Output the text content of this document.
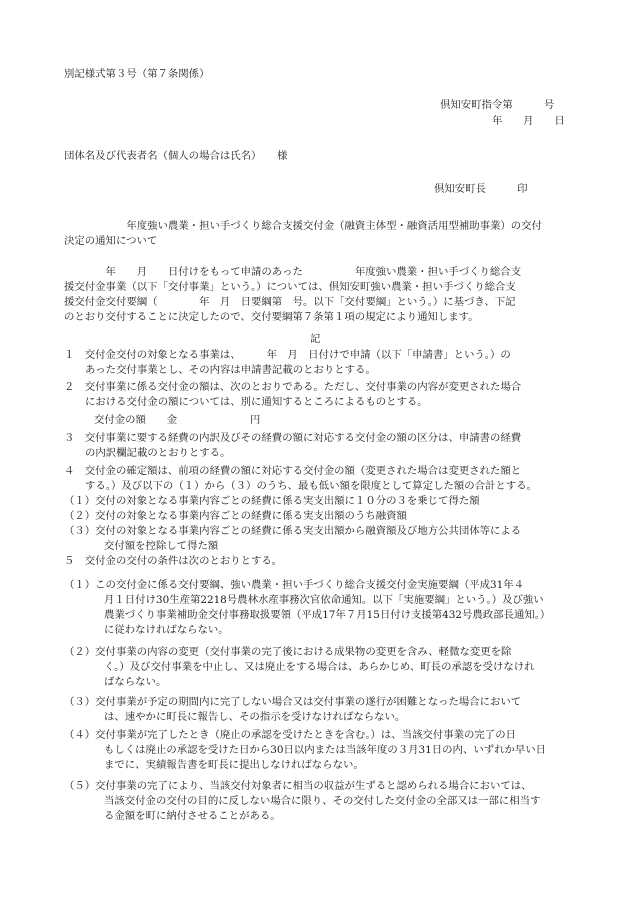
別記様式第３号（第７条関係）
倶知安町指令第　　　号
年　　月　　日
団体名及び代表者名（個人の場合は氏名）　　様
倶知安町長　　　印
　　　　　　年度強い農業・担い手づくり総合支援交付金（融資主体型・融資活用型補助事業）の交付
決定の通知について
　　　　年　　月　　日付けをもって申請のあった　　　　　年度強い農業・担い手づくり総合支
援交付金事業（以下「交付事業」という。）については、倶知安町強い農業・担い手づくり総合支
援交付金交付要綱（　　　　年　月　日要綱第　号。以下「交付要綱」という。）に基づき、下記
のとおり交付することに決定したので、交付要綱第７条第１項の規定により通知します。
記
１　交付金交付の対象となる事業は、　　　年　月　日付けで申請（以下「申請書」という。）の
あった交付事業とし、その内容は申請書記載のとおりとする。
２　交付事業に係る交付金の額は、次のとおりである。ただし、交付事業の内容が変更された場合
における交付金の額については、別に通知するところによるものとする。
交付金の額　　金　　　　　　　円
３　交付事業に要する経費の内訳及びその経費の額に対応する交付金の額の区分は、申請書の経費
の内訳欄記載のとおりとする。
４　交付金の確定額は、前項の経費の額に対応する交付金の額（変更された場合は変更された額と
する。）及び以下の（１）から（３）のうち、最も低い額を限度として算定した額の合計とする。
（１）交付の対象となる事業内容ごとの経費に係る実支出額に１０分の３を乗じて得た額
（２）交付の対象となる事業内容ごとの経費に係る実支出額のうち融資額
（３）交付の対象となる事業内容ごとの経費に係る実支出額から融資額及び地方公共団体等による
交付額を控除して得た額
５　交付金の交付の条件は次のとおりとする。
（１）この交付金に係る交付要綱、強い農業・担い手づくり総合支援交付金実施要綱（平成31年４
月１日付け30生産第2218号農林水産事務次官依命通知。以下「実施要綱」という。）及び強い
農業づくり事業補助金交付事務取扱要領（平成17年７月15日付け支援第432号農政部長通知。）
に従わなければならない。
（２）交付事業の内容の変更（交付事業の完了後における成果物の変更を含み、軽微な変更を除
く。）及び交付事業を中止し、又は廃止をする場合は、あらかじめ、町長の承認を受けなけれ
ばならない。
（３）交付事業が予定の期間内に完了しない場合又は交付事業の遂行が困難となった場合において
は、速やかに町長に報告し、その指示を受けなければならない。
（４）交付事業が完了したとき（廃止の承認を受けたときを含む。）は、当該交付事業の完了の日
もしくは廃止の承認を受けた日から30日以内または当該年度の３月31日の内、いずれか早い日
までに、実績報告書を町長に提出しなければならない。
（５）交付事業の完了により、当該交付対象者に相当の収益が生ずると認められる場合においては、
当該交付金の交付の目的に反しない場合に限り、その交付した交付金の全部又は一部に相当す
る金額を町に納付させることがある。
